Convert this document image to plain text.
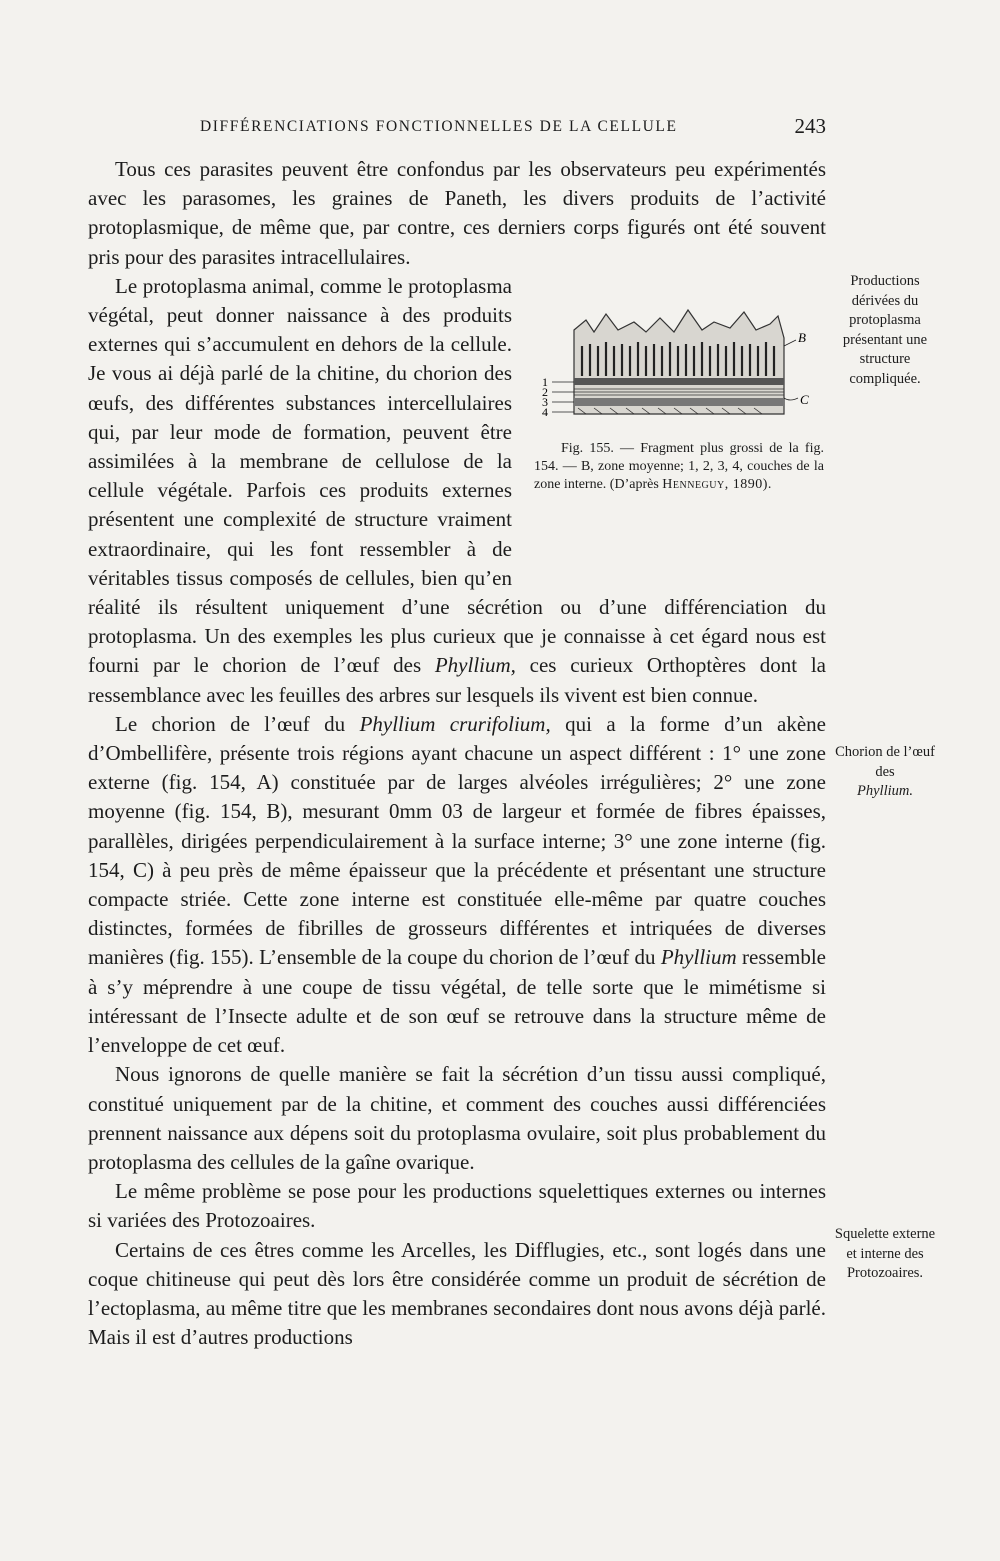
DIFFÉRENCIATIONS FONCTIONNELLES DE LA CELLULE	243

Tous ces parasites peuvent être confondus par les observateurs peu expérimentés avec les parasomes, les graines de Paneth, les divers produits de l’activité protoplasmique, de même que, par contre, ces derniers corps figurés ont été souvent pris pour des parasites intracellulaires.

B
C
1
2
3
4
Fig. 155. — Fragment plus grossi de la fig. 154. — B, zone moyenne; 1, 2, 3, 4, couches de la zone interne. (D’après Henneguy, 1890).
Le protoplasma animal, comme le protoplasma végétal, peut donner naissance à des produits externes qui s’accumulent en dehors de la cellule. Je vous ai déjà parlé de la chitine, du chorion des œufs, des différentes substances intercellulaires qui, par leur mode de formation, peuvent être assimilées à la membrane de cellulose de la cellule végétale. Parfois ces produits externes présentent une complexité de structure vraiment extraordinaire, qui les font ressembler à de véritables tissus composés de cellules, bien qu’en réalité ils résultent uniquement d’une sécrétion ou d’une différenciation du protoplasma. Un des exemples les plus curieux que je connaisse à cet égard nous est fourni par le chorion de l’œuf des Phyllium, ces curieux Orthoptères dont la ressemblance avec les feuilles des arbres sur lesquels ils vivent est bien connue.

Le chorion de l’œuf du Phyllium crurifolium, qui a la forme d’un akène d’Ombellifère, présente trois régions ayant chacune un aspect différent : 1° une zone externe (fig. 154, A) constituée par de larges alvéoles irrégulières; 2° une zone moyenne (fig. 154, B), mesurant 0mm 03 de largeur et formée de fibres épaisses, parallèles, dirigées perpendiculairement à la surface interne; 3° une zone interne (fig. 154, C) à peu près de même épaisseur que la précédente et présentant une structure compacte striée. Cette zone interne est constituée elle-même par quatre couches distinctes, formées de fibrilles de grosseurs différentes et intriquées de diverses manières (fig. 155). L’ensemble de la coupe du chorion de l’œuf du Phyllium ressemble à s’y méprendre à une coupe de tissu végétal, de telle sorte que le mimétisme si intéressant de l’Insecte adulte et de son œuf se retrouve dans la structure même de l’enveloppe de cet œuf.

Nous ignorons de quelle manière se fait la sécrétion d’un tissu aussi compliqué, constitué uniquement par de la chitine, et comment des couches aussi différenciées prennent naissance aux dépens soit du protoplasma ovulaire, soit plus probablement du protoplasma des cellules de la gaîne ovarique.

Le même problème se pose pour les productions squelettiques externes ou internes si variées des Protozoaires.

Certains de ces êtres comme les Arcelles, les Difflugies, etc., sont logés dans une coque chitineuse qui peut dès lors être considérée comme un produit de sécrétion de l’ectoplasma, au même titre que les membranes secondaires dont nous avons déjà parlé. Mais il est d’autres productions

Productions dérivées du protoplasma présentant une structure compliquée.
Chorion de l’œuf des
Phyllium.
Squelette externe et interne des Protozoaires.
